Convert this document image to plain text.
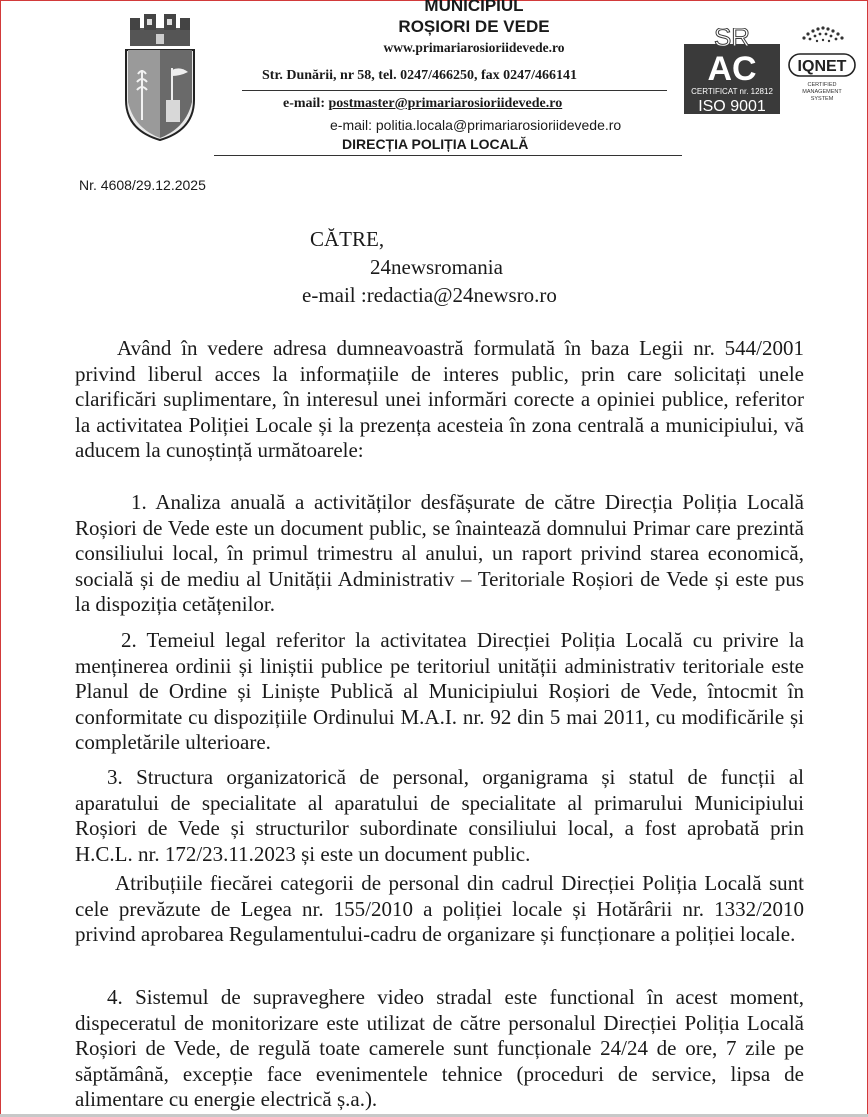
MUNICIPIUL
ROȘIORI DE VEDE
www.primariarosioriidevede.ro
Str. Dunării, nr 58, tel. 0247/466250, fax 0247/466141
e-mail: postmaster@primariarosioriidevede.ro
e-mail: politia.locala@primariarosioriidevede.ro
DIRECȚIA POLIȚIA LOCALĂ
SR
AC
CERTIFICAT nr. 12812
ISO 9001
IQNET
CERTIFIED
MANAGEMENT
SYSTEM
Nr. 4608/29.12.2025
CĂTRE,
24newsromania
e-mail :redactia@24newsro.ro
Având în vedere adresa dumneavoastră formulată în baza Legii nr. 544/2001 privind liberul acces la informațiile de interes public, prin care solicitați unele clarificări suplimentare, în interesul unei informări corecte a opiniei publice, referitor la activitatea Poliției Locale și la prezența acesteia în zona centrală a municipiului, vă aducem la cunoștință următoarele:
1. Analiza anuală a activităților desfășurate de către Direcția Poliția Locală Roșiori de Vede este un document public, se înaintează domnului Primar care prezintă consiliului local, în primul trimestru al anului, un raport privind starea economică, socială și de mediu al Unității Administrativ – Teritoriale Roșiori de Vede și este pus la dispoziția cetățenilor.
2. Temeiul legal referitor la activitatea Direcției Poliția Locală cu privire la menținerea ordinii și liniștii publice pe teritoriul unității administrativ teritoriale este Planul de Ordine și Liniște Publică al Municipiului Roșiori de Vede, întocmit în conformitate cu dispozițiile Ordinului M.A.I. nr. 92 din 5 mai 2011, cu modificările și completările ulterioare.
3. Structura organizatorică de personal, organigrama și statul de funcții al aparatului de specialitate al aparatului de specialitate al primarului Municipiului Roșiori de Vede și structurilor subordinate consiliului local, a fost aprobată prin H.C.L. nr. 172/23.11.2023 și este un document public.
Atribuțiile fiecărei categorii de personal din cadrul Direcției Poliția Locală sunt cele prevăzute de Legea nr. 155/2010 a poliției locale și Hotărârii nr. 1332/2010 privind aprobarea Regulamentului-cadru de organizare și funcționare a poliției locale.
4. Sistemul de supraveghere video stradal este functional în acest moment, dispeceratul de monitorizare este utilizat de către personalul Direcției Poliția Locală Roșiori de Vede, de regulă toate camerele sunt funcționale 24/24 de ore, 7 zile pe săptămână, excepție face evenimentele tehnice (proceduri de service, lipsa de alimentare cu energie electrică ș.a.).
